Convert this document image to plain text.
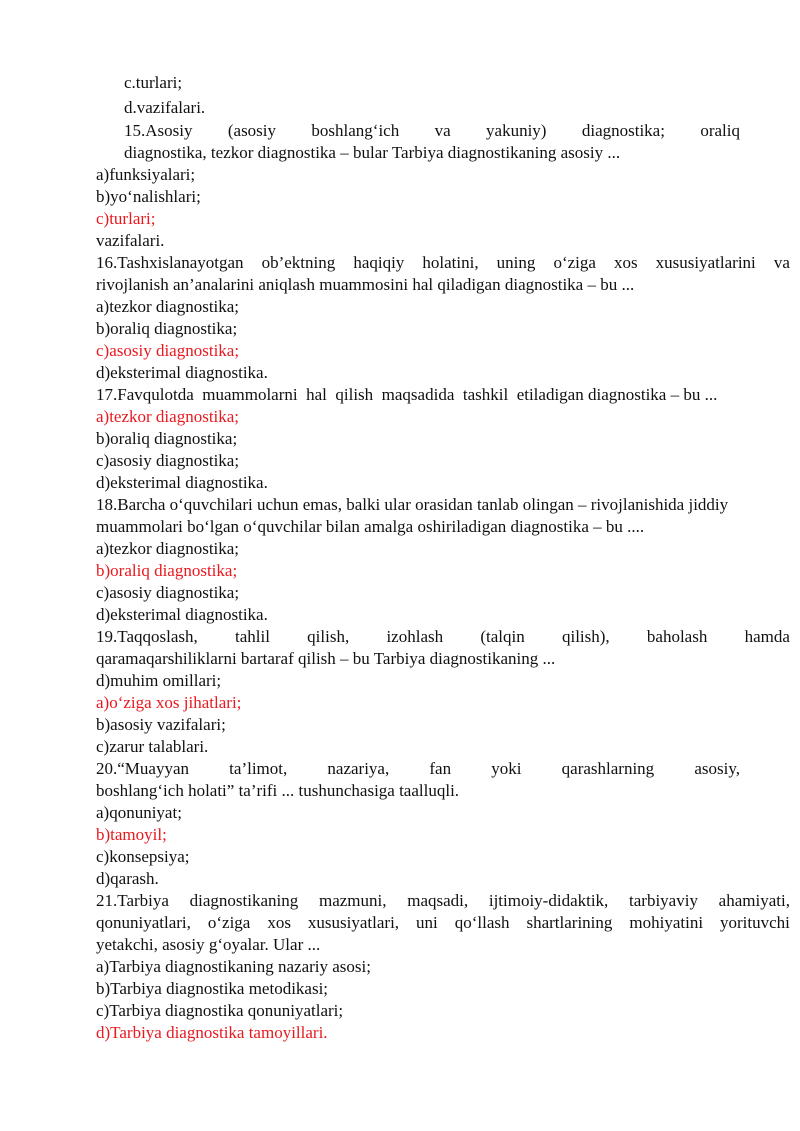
c.turlari;
d.vazifalari.
15.Asosiy (asosiy boshlang‘ich va yakuniy) diagnostika; oraliq
diagnostika, tezkor diagnostika – bular Tarbiya diagnostikaning asosiy ...
a)funksiyalari;
b)yo‘nalishlari;
c)turlari;
vazifalari.
16.Tashxislanayotgan ob’ektning haqiqiy holatini, uning o‘ziga xos xususiyatlarini va
rivojlanish an’analarini aniqlash muammosini hal qiladigan diagnostika – bu ...
a)tezkor diagnostika;
b)oraliq diagnostika;
c)asosiy diagnostika;
d)eksterimal diagnostika.
17.Favqulotda  muammolarni  hal  qilish  maqsadida  tashkil  etiladigan diagnostika – bu ...
a)tezkor diagnostika;
b)oraliq diagnostika;
c)asosiy diagnostika;
d)eksterimal diagnostika.
18.Barcha o‘quvchilari uchun emas, balki ular orasidan tanlab olingan – rivojlanishida jiddiy
muammolari bo‘lgan o‘quvchilar bilan amalga oshiriladigan diagnostika – bu ....
a)tezkor diagnostika;
b)oraliq diagnostika;
c)asosiy diagnostika;
d)eksterimal diagnostika.
19.Taqqoslash, tahlil qilish, izohlash (talqin qilish), baholash hamda
qaramaqarshiliklarni bartaraf qilish – bu Tarbiya diagnostikaning ...
d)muhim omillari;
a)o‘ziga xos jihatlari;
b)asosiy vazifalari;
c)zarur talablari.
20.“Muayyan ta’limot, nazariya, fan yoki qarashlarning asosiy,
boshlang‘ich holati” ta’rifi ... tushunchasiga taalluqli.
a)qonuniyat;
b)tamoyil;
c)konsepsiya;
d)qarash.
21.Tarbiya diagnostikaning mazmuni, maqsadi, ijtimoiy-didaktik, tarbiyaviy ahamiyati,
qonuniyatlari, o‘ziga xos xususiyatlari, uni qo‘llash shartlarining mohiyatini yorituvchi
yetakchi, asosiy g‘oyalar. Ular ...
a)Tarbiya diagnostikaning nazariy asosi;
b)Tarbiya diagnostika metodikasi;
c)Tarbiya diagnostika qonuniyatlari;
d)Tarbiya diagnostika tamoyillari.
